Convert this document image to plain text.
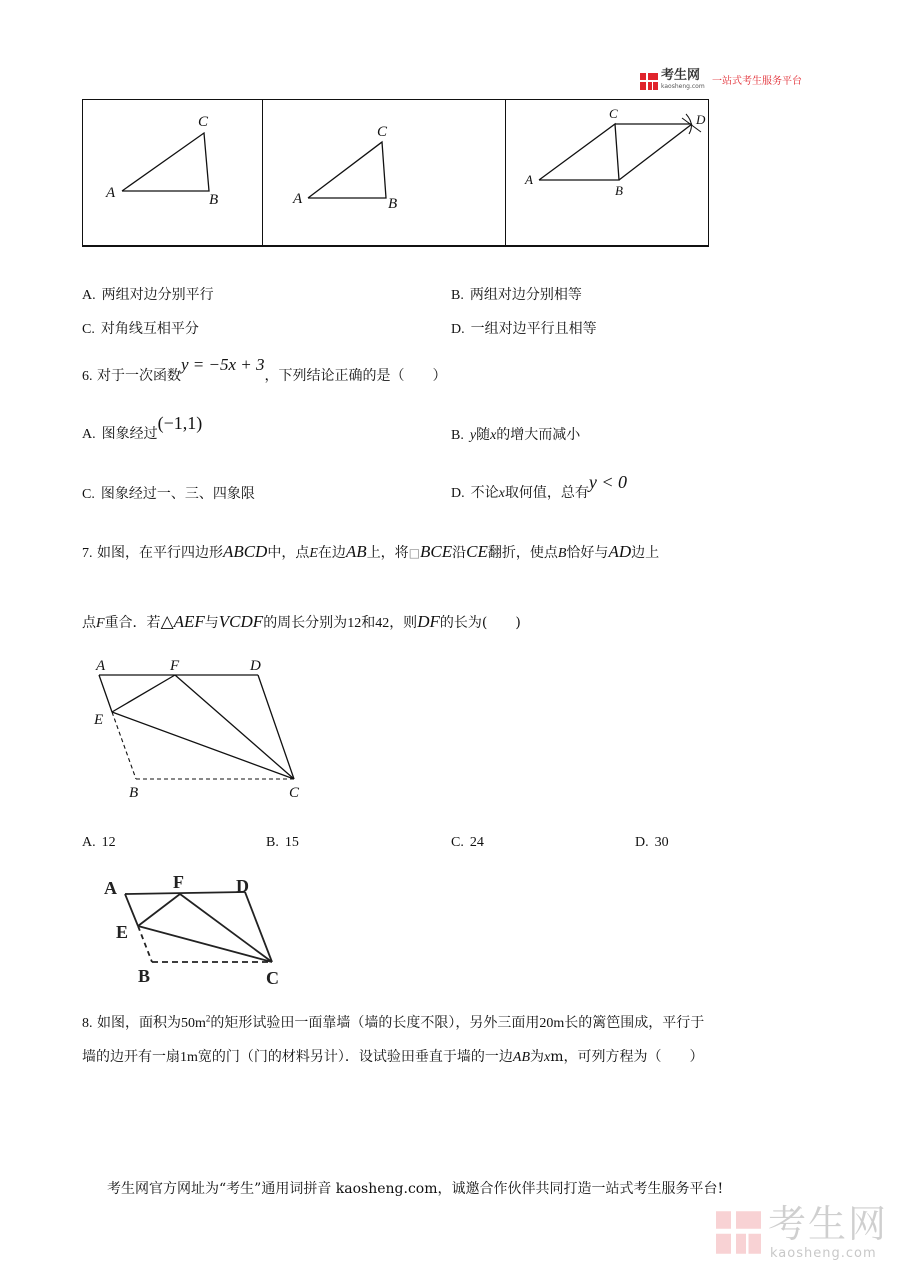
考生网
kaosheng.com 一站式考生服务平台
A	B
C
A	B
C
A
B
C	D
A. 两组对边分别平行	B. 两组对边分别相等
C. 对角线互相平分	D. 一组对边平行且相等
6. 对于一次函数y = −5x + 3，下列结论正确的是（　　）
A. 图象经过(−1,1)
B. y随x的增大而减小
C. 图象经过一、三、四象限	D. 不论x取何值，总有y < 0
7. 如图，在平行四边形ABCD中，点E在边AB上，将□BCE沿CE翻折，使点B恰好与AD边上
点F重合．若△AEF与VCDF的周长分别为12和42，则DF的长为(　　)
A	F	D
E
B	C
A. 12	B. 15	C. 24	D. 30
A	F	D
E
B	C
8. 如图，面积为$50m^2$的矩形试验田一面靠墙（墙的长度不限），另外三面用20m长的篱笆围成，平行于
墙的边开有一扇1m宽的门（门的材料另计）．设试验田垂直于墙的一边AB为xm，可列方程为（　　）
考生网官方网址为“考生”通用词拼音 kaosheng.com，诚邀合作伙伴共同打造一站式考生服务平台!
考生网
kaosheng.com
